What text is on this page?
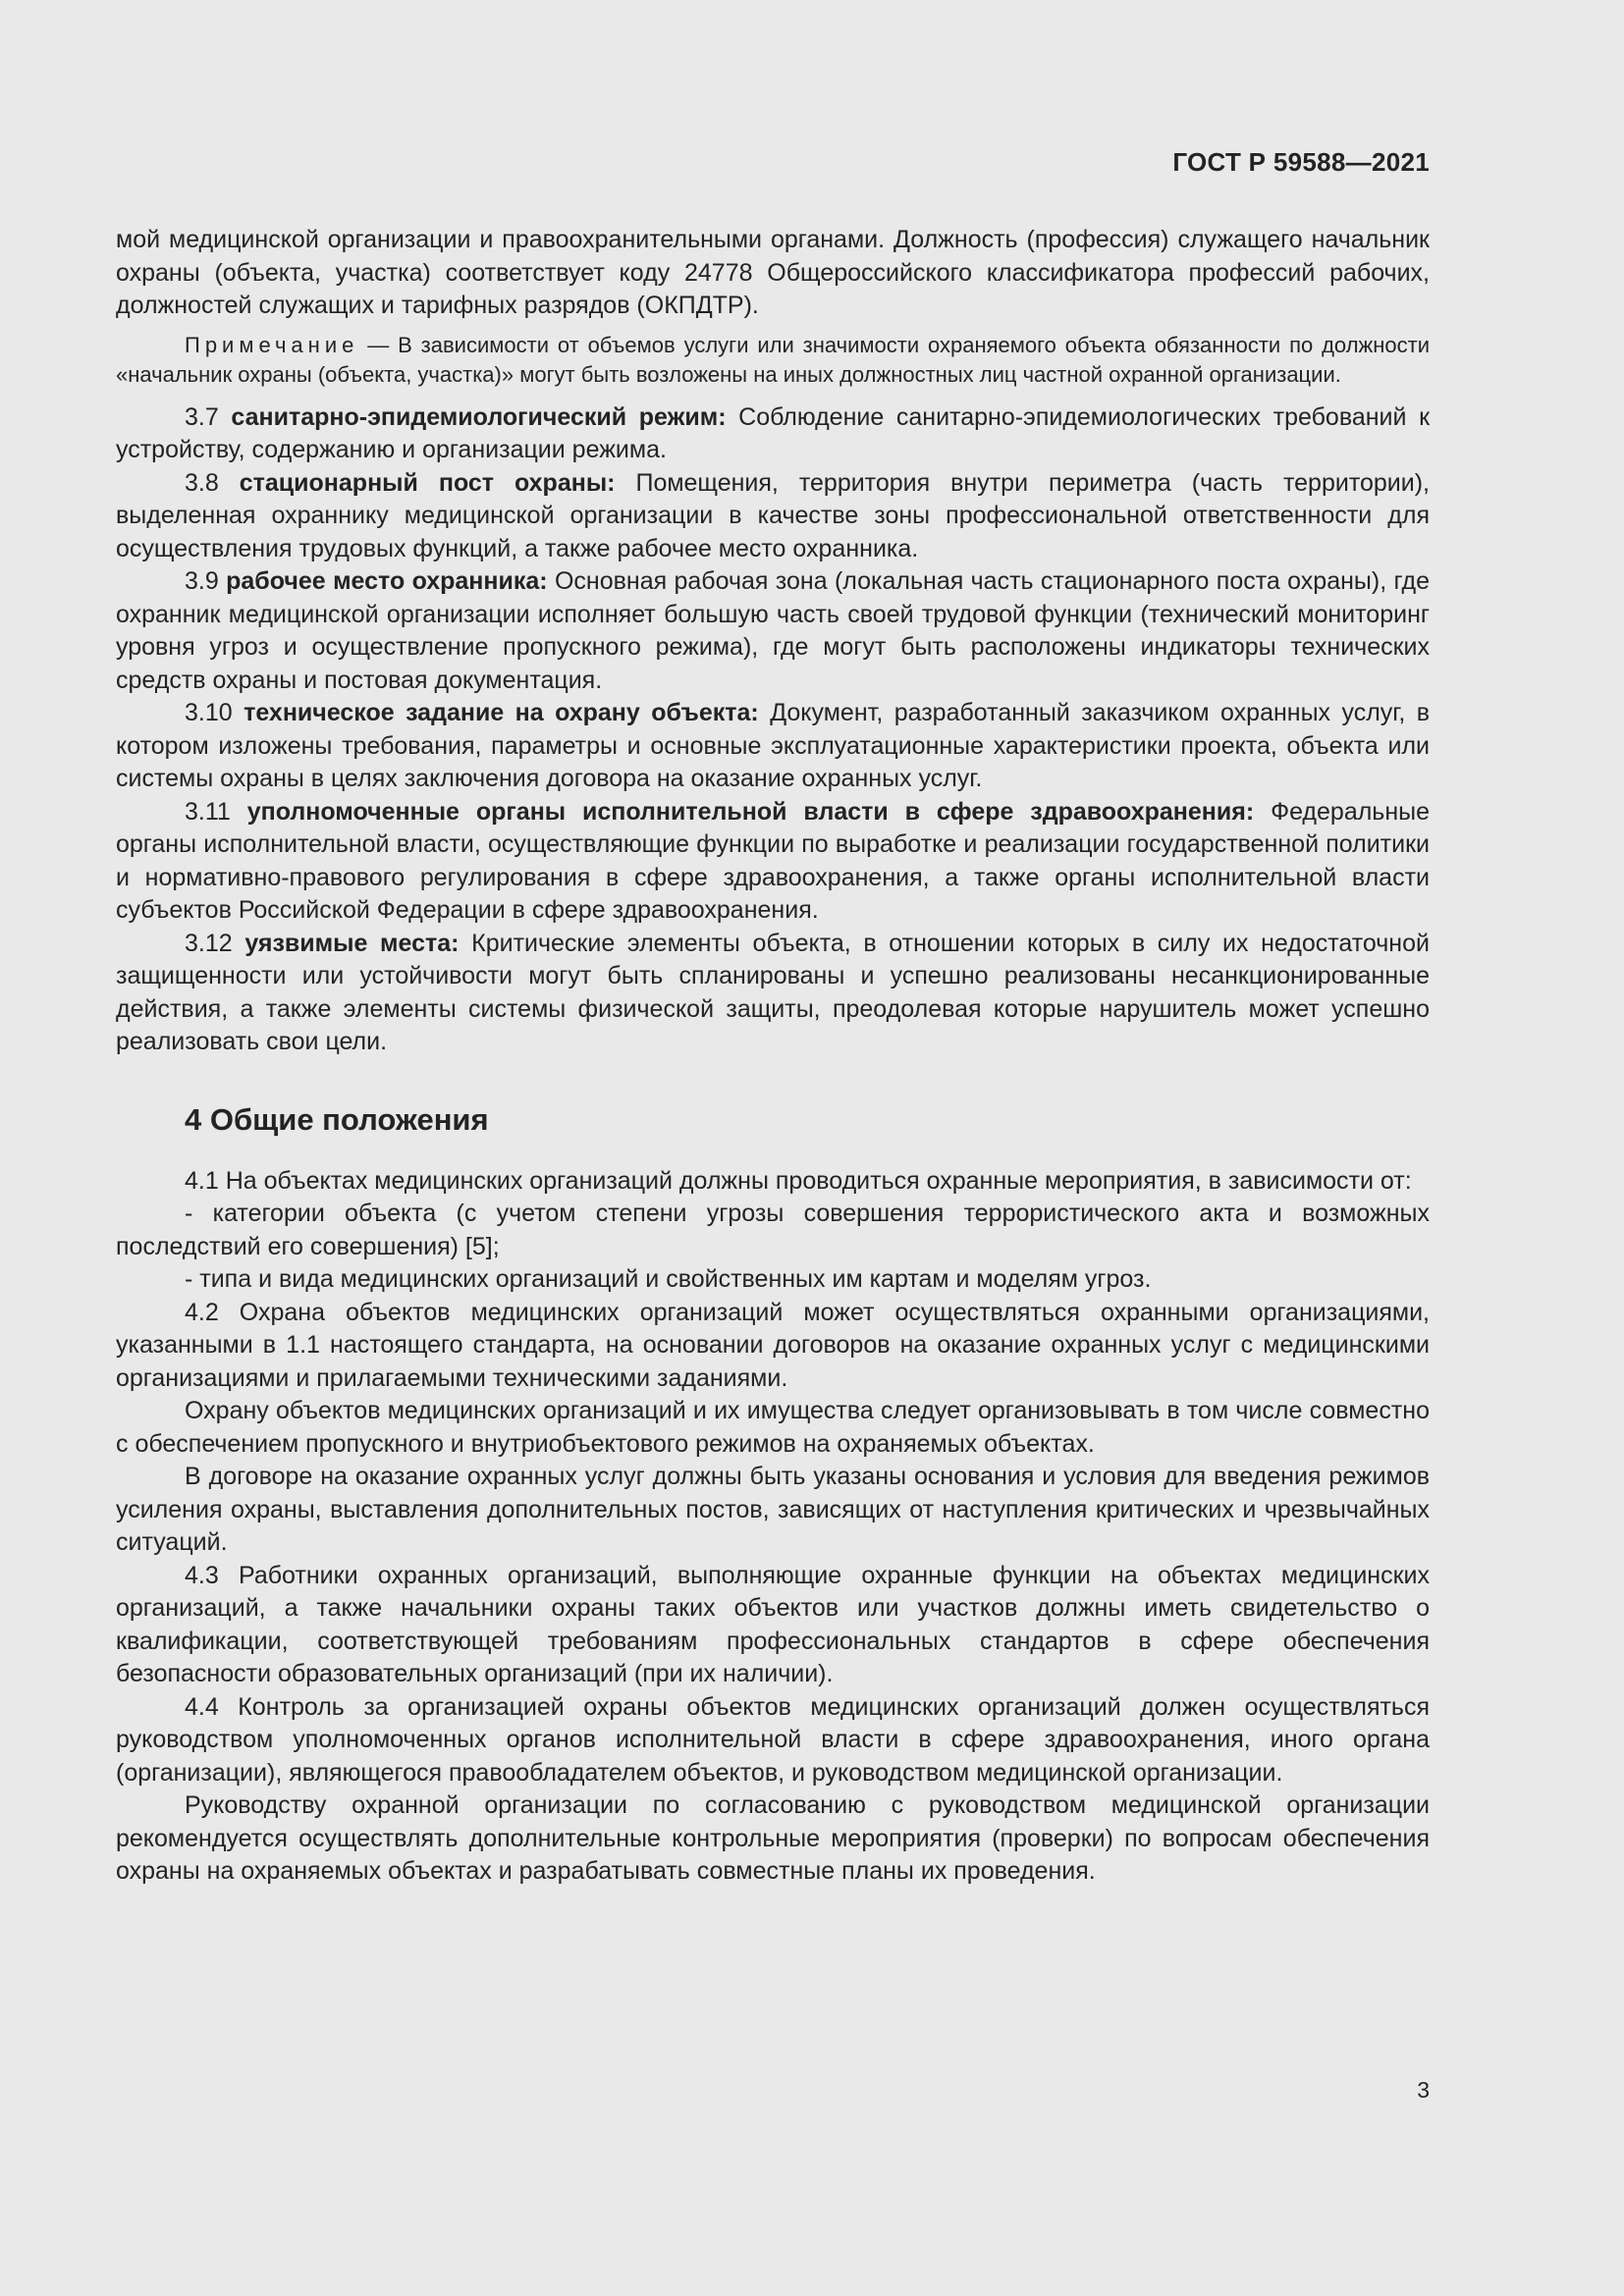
ГОСТ Р 59588—2021

мой медицинской организации и правоохранительными органами. Должность (профессия) служащего начальник охраны (объекта, участка) соответствует коду 24778 Общероссийского классификатора профессий рабочих, должностей служащих и тарифных разрядов (ОКПДТР).

Примечание — В зависимости от объемов услуги или значимости охраняемого объекта обязанности по должности «начальник охраны (объекта, участка)» могут быть возложены на иных должностных лиц частной охранной организации.

3.7 санитарно-эпидемиологический режим: Соблюдение санитарно-эпидемиологических требований к устройству, содержанию и организации режима.

3.8 стационарный пост охраны: Помещения, территория внутри периметра (часть территории), выделенная охраннику медицинской организации в качестве зоны профессиональной ответственности для осуществления трудовых функций, а также рабочее место охранника.

3.9 рабочее место охранника: Основная рабочая зона (локальная часть стационарного поста охраны), где охранник медицинской организации исполняет большую часть своей трудовой функции (технический мониторинг уровня угроз и осуществление пропускного режима), где могут быть расположены индикаторы технических средств охраны и постовая документация.

3.10 техническое задание на охрану объекта: Документ, разработанный заказчиком охранных услуг, в котором изложены требования, параметры и основные эксплуатационные характеристики проекта, объекта или системы охраны в целях заключения договора на оказание охранных услуг.

3.11 уполномоченные органы исполнительной власти в сфере здравоохранения: Федеральные органы исполнительной власти, осуществляющие функции по выработке и реализации государственной политики и нормативно-правового регулирования в сфере здравоохранения, а также органы исполнительной власти субъектов Российской Федерации в сфере здравоохранения.

3.12 уязвимые места: Критические элементы объекта, в отношении которых в силу их недостаточной защищенности или устойчивости могут быть спланированы и успешно реализованы несанкционированные действия, а также элементы системы физической защиты, преодолевая которые нарушитель может успешно реализовать свои цели.

4 Общие положения

4.1 На объектах медицинских организаций должны проводиться охранные мероприятия, в зависимости от:

- категории объекта (с учетом степени угрозы совершения террористического акта и возможных последствий его совершения) [5];

- типа и вида медицинских организаций и свойственных им картам и моделям угроз.

4.2 Охрана объектов медицинских организаций может осуществляться охранными организациями, указанными в 1.1 настоящего стандарта, на основании договоров на оказание охранных услуг с медицинскими организациями и прилагаемыми техническими заданиями.

Охрану объектов медицинских организаций и их имущества следует организовывать в том числе совместно с обеспечением пропускного и внутриобъектового режимов на охраняемых объектах.

В договоре на оказание охранных услуг должны быть указаны основания и условия для введения режимов усиления охраны, выставления дополнительных постов, зависящих от наступления критических и чрезвычайных ситуаций.

4.3 Работники охранных организаций, выполняющие охранные функции на объектах медицинских организаций, а также начальники охраны таких объектов или участков должны иметь свидетельство о квалификации, соответствующей требованиям профессиональных стандартов в сфере обеспечения безопасности образовательных организаций (при их наличии).

4.4 Контроль за организацией охраны объектов медицинских организаций должен осуществляться руководством уполномоченных органов исполнительной власти в сфере здравоохранения, иного органа (организации), являющегося правообладателем объектов, и руководством медицинской организации.

Руководству охранной организации по согласованию с руководством медицинской организации рекомендуется осуществлять дополнительные контрольные мероприятия (проверки) по вопросам обеспечения охраны на охраняемых объектах и разрабатывать совместные планы их проведения.

3
